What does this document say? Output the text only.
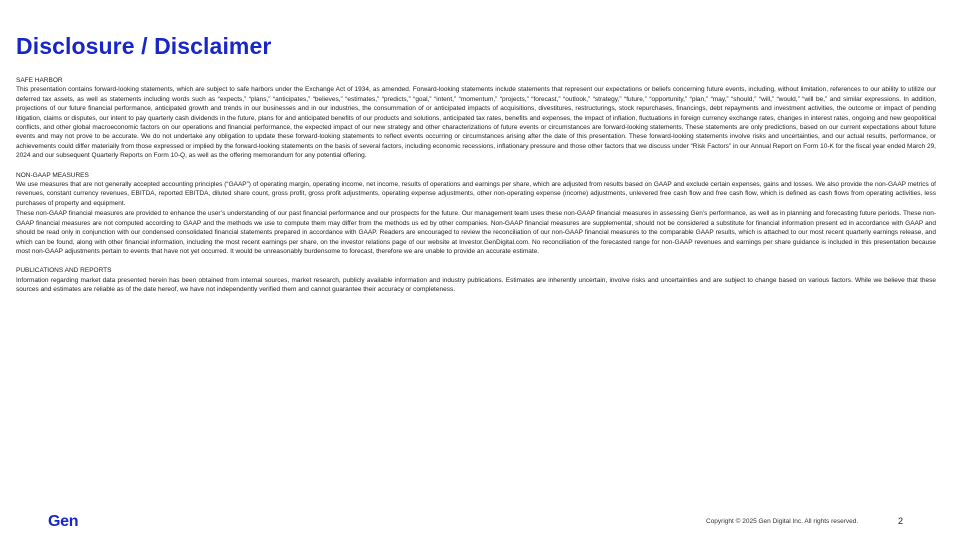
Disclosure / Disclaimer

SAFE HARBOR

This presentation contains forward-looking statements, which are subject to safe harbors under the Exchange Act of 1934, as amended. Forward-looking statements include statements that represent our expectations or beliefs concerning future events, including, without limitation, references to our ability to utilize our deferred tax assets, as well as statements including words such as “expects,” “plans,” “anticipates,” “believes,” “estimates,” “predicts,” “goal,” “intent,” “momentum,” “projects,” “forecast,” “outlook,” “strategy,” “future,” “opportunity,” “plan,” “may,” “should,” “will,” “would,” “will be,” and similar expressions. In addition, projections of our future financial performance, anticipated growth and trends in our businesses and in our industries, the consummation of or anticipated impacts of acquisitions, divestitures, restructurings, stock repurchases, financings, debt repayments and investment activities, the outcome or impact of pending litigation, claims or disputes, our intent to pay quarterly cash dividends in the future, plans for and anticipated benefits of our products and solutions, anticipated tax rates, benefits and expenses, the impact of inflation, fluctuations in foreign currency exchange rates, changes in interest rates, ongoing and new geopolitical conflicts, and other global macroeconomic factors on our operations and financial performance, the expected impact of our new strategy and other characterizations of future events or circumstances are forward-looking statements. These statements are only predictions, based on our current expectations about future events and may not prove to be accurate. We do not undertake any obligation to update these forward-looking statements to reflect events occurring or circumstances arising after the date of this presentation. These forward-looking statements involve risks and uncertainties, and our actual results, performance, or achievements could differ materially from those expressed or implied by the forward-looking statements on the basis of several factors, including economic recessions, inflationary pressure and those other factors that we discuss under “Risk Factors” in our Annual Report on Form 10-K for the fiscal year ended March 29, 2024 and our subsequent Quarterly Reports on Form 10-Q, as well as the offering memorandum for any potential offering.

NON-GAAP MEASURES

We use measures that are not generally accepted accounting principles (“GAAP”) of operating margin, operating income, net income, results of operations and earnings per share, which are adjusted from results based on GAAP and exclude certain expenses, gains and losses. We also provide the non-GAAP metrics of revenues, constant currency revenues, EBITDA, reported EBITDA, diluted share count, gross profit, gross profit adjustments, operating expense adjustments, other non-operating expense (income) adjustments, unlevered free cash flow and free cash flow, which is defined as cash flows from operating activities, less purchases of property and equipment.

These non-GAAP financial measures are provided to enhance the user’s understanding of our past financial performance and our prospects for the future. Our management team uses these non-GAAP financial measures in assessing Gen’s performance, as well as in planning and forecasting future periods. These non-GAAP financial measures are not computed according to GAAP and the methods we use to compute them may differ from the methods us ed by other companies. Non-GAAP financial measures are supplemental, should not be considered a substitute for financial information present ed in accordance with GAAP and should be read only in conjunction with our condensed consolidated financial statements prepared in accordance with GAAP. Readers are encouraged to review the reconciliation of our non-GAAP financial measures to the comparable GAAP results, which is attached to our most recent quarterly earnings release, and which can be found, along with other financial information, including the most recent earnings per share, on the investor relations page of our website at Investor.GenDigital.com. No reconciliation of the forecasted range for non-GAAP revenues and earnings per share guidance is included in this presentation because most non-GAAP adjustments pertain to events that have not yet occurred. It would be unreasonably burdensome to forecast, therefore we are unable to provide an accurate estimate.

PUBLICATIONS AND REPORTS

Information regarding market data presented herein has been obtained from internal sources, market research, publicly available information and industry publications. Estimates are inherently uncertain, involve risks and uncertainties and are subject to change based on various factors. While we believe that these sources and estimates are reliable as of the date hereof, we have not independently verified them and cannot guarantee their accuracy or completeness.

Gen	Copyright © 2025 Gen Digital Inc. All rights reserved.	2
